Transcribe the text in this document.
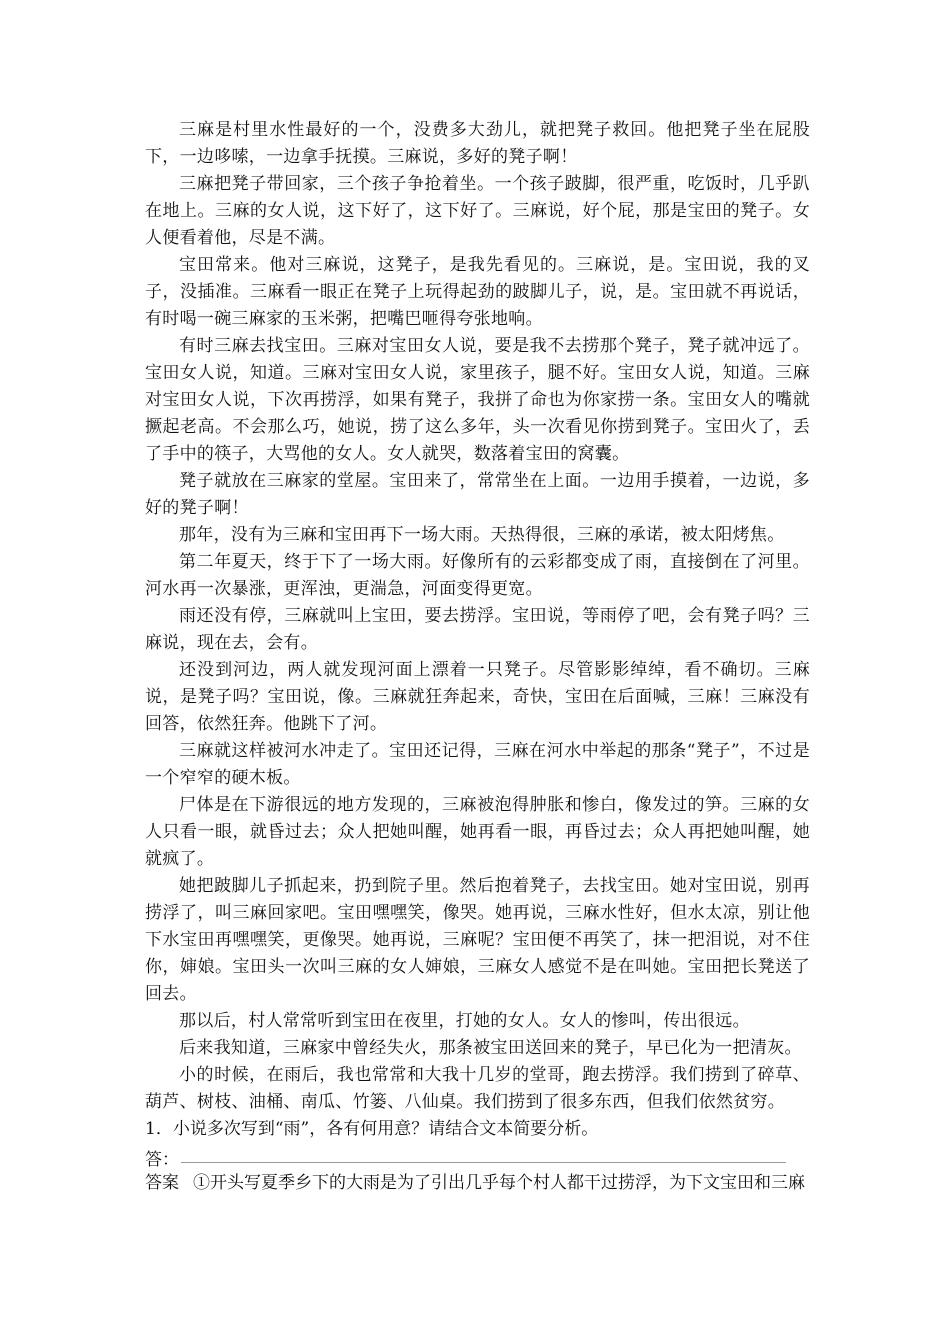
三麻是村里水性最好的一个，没费多大劲儿，就把凳子救回。他把凳子坐在屁股下，一边哆嗦，一边拿手抚摸。三麻说，多好的凳子啊！

三麻把凳子带回家，三个孩子争抢着坐。一个孩子跛脚，很严重，吃饭时，几乎趴在地上。三麻的女人说，这下好了，这下好了。三麻说，好个屁，那是宝田的凳子。女人便看着他，尽是不满。

宝田常来。他对三麻说，这凳子，是我先看见的。三麻说，是。宝田说，我的叉子，没插准。三麻看一眼正在凳子上玩得起劲的跛脚儿子，说，是。宝田就不再说话，有时喝一碗三麻家的玉米粥，把嘴巴咂得夸张地响。

有时三麻去找宝田。三麻对宝田女人说，要是我不去捞那个凳子，凳子就冲远了。宝田女人说，知道。三麻对宝田女人说，家里孩子，腿不好。宝田女人说，知道。三麻对宝田女人说，下次再捞浮，如果有凳子，我拼了命也为你家捞一条。宝田女人的嘴就撅起老高。不会那么巧，她说，捞了这么多年，头一次看见你捞到凳子。宝田火了，丢了手中的筷子，大骂他的女人。女人就哭，数落着宝田的窝囊。

凳子就放在三麻家的堂屋。宝田来了，常常坐在上面。一边用手摸着，一边说，多好的凳子啊！

那年，没有为三麻和宝田再下一场大雨。天热得很，三麻的承诺，被太阳烤焦。

第二年夏天，终于下了一场大雨。好像所有的云彩都变成了雨，直接倒在了河里。河水再一次暴涨，更浑浊，更湍急，河面变得更宽。

雨还没有停，三麻就叫上宝田，要去捞浮。宝田说，等雨停了吧，会有凳子吗？三麻说，现在去，会有。

还没到河边，两人就发现河面上漂着一只凳子。尽管影影绰绰，看不确切。三麻说，是凳子吗？宝田说，像。三麻就狂奔起来，奇快，宝田在后面喊，三麻！三麻没有回答，依然狂奔。他跳下了河。

三麻就这样被河水冲走了。宝田还记得，三麻在河水中举起的那条“凳子”，不过是一个窄窄的硬木板。

尸体是在下游很远的地方发现的，三麻被泡得肿胀和惨白，像发过的笋。三麻的女人只看一眼，就昏过去；众人把她叫醒，她再看一眼，再昏过去；众人再把她叫醒，她就疯了。

她把跛脚儿子抓起来，扔到院子里。然后抱着凳子，去找宝田。她对宝田说，别再捞浮了，叫三麻回家吧。宝田嘿嘿笑，像哭。她再说，三麻水性好，但水太凉，别让他下水宝田再嘿嘿笑，更像哭。她再说，三麻呢？宝田便不再笑了，抹一把泪说，对不住你，婶娘。宝田头一次叫三麻的女人婶娘，三麻女人感觉不是在叫她。宝田把长凳送了回去。

那以后，村人常常听到宝田在夜里，打她的女人。女人的惨叫，传出很远。

后来我知道，三麻家中曾经失火，那条被宝田送回来的凳子，早已化为一把清灰。

小的时候，在雨后，我也常常和大我十几岁的堂哥，跑去捞浮。我们捞到了碎草、葫芦、树枝、油桶、南瓜、竹篓、八仙桌。我们捞到了很多东西，但我们依然贫穷。

1．小说多次写到“雨”，各有何用意？请结合文本简要分析。

答：

答案 ①开头写夏季乡下的大雨是为了引出几乎每个村人都干过捞浮，为下文宝田和三麻
